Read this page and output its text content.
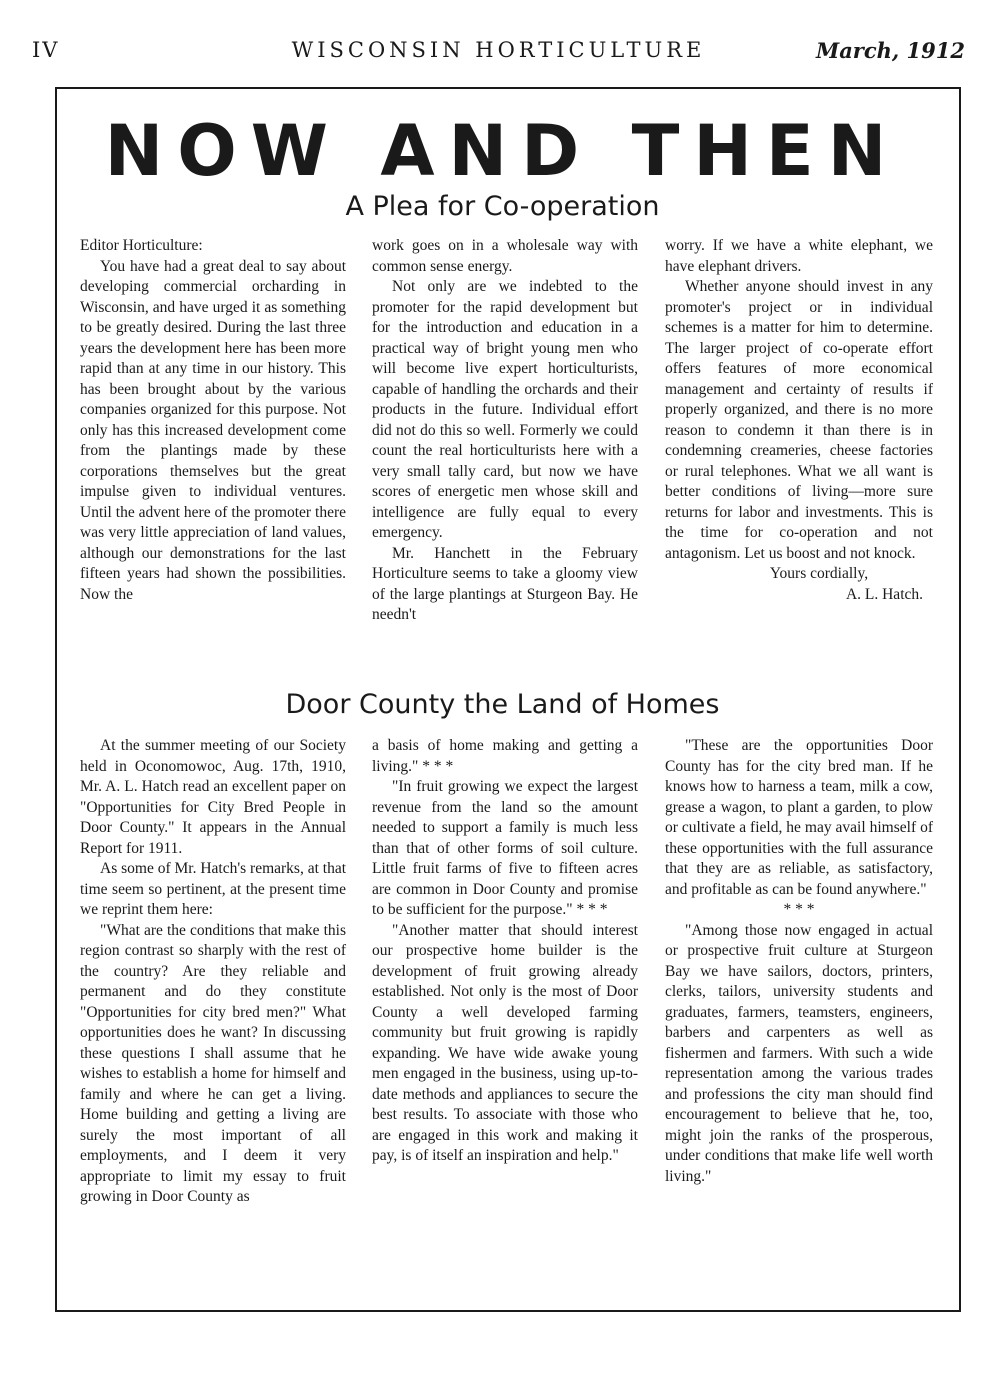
IV	WISCONSIN HORTICULTURE	March, 1912
NOW AND THEN
A Plea for Co-operation

Editor Horticulture:

You have had a great deal to say about developing commercial orcharding in Wisconsin, and have urged it as something to be greatly desired. During the last three years the development here has been more rapid than at any time in our history. This has been brought about by the various companies organized for this purpose. Not only has this increased development come from the plantings made by these corporations themselves but the great impulse given to individual ventures. Until the advent here of the promoter there was very little appreciation of land values, although our demonstrations for the last fifteen years had shown the possibilities. Now the

work goes on in a wholesale way with common sense energy.

Not only are we indebted to the promoter for the rapid development but for the introduction and education in a practical way of bright young men who will become live expert horticulturists, capable of handling the orchards and their products in the future. Individual effort did not do this so well. Formerly we could count the real horticulturists here with a very small tally card, but now we have scores of energetic men whose skill and intelligence are fully equal to every emergency.

Mr. Hanchett in the February Horticulture seems to take a gloomy view of the large plantings at Sturgeon Bay. He needn't

worry. If we have a white elephant, we have elephant drivers.

Whether anyone should invest in any promoter's project or in individual schemes is a matter for him to determine. The larger project of co-operate effort offers features of more economical management and certainty of results if properly organized, and there is no more reason to condemn it than there is in condemning creameries, cheese factories or rural telephones. What we all want is better conditions of living—more sure returns for labor and investments. This is the time for co-operation and not antagonism. Let us boost and not knock.

Yours cordially,

A. L. Hatch.

Door County the Land of Homes

At the summer meeting of our Society held in Oconomowoc, Aug. 17th, 1910, Mr. A. L. Hatch read an excellent paper on "Opportunities for City Bred People in Door County." It appears in the Annual Report for 1911.

As some of Mr. Hatch's remarks, at that time seem so pertinent, at the present time we reprint them here:

"What are the conditions that make this region contrast so sharply with the rest of the country? Are they reliable and permanent and do they constitute "Opportunities for city bred men?" What opportunities does he want? In discussing these questions I shall assume that he wishes to establish a home for himself and family and where he can get a living. Home building and getting a living are surely the most important of all employments, and I deem it very appropriate to limit my essay to fruit growing in Door County as

a basis of home making and getting a living." * * *

"In fruit growing we expect the largest revenue from the land so the amount needed to support a family is much less than that of other forms of soil culture. Little fruit farms of five to fifteen acres are common in Door County and promise to be sufficient for the purpose." * * *

"Another matter that should interest our prospective home builder is the development of fruit growing already established. Not only is the most of Door County a well developed farming community but fruit growing is rapidly expanding. We have wide awake young men engaged in the business, using up-to-date methods and appliances to secure the best results. To associate with those who are engaged in this work and making it pay, is of itself an inspiration and help."

"These are the opportunities Door County has for the city bred man. If he knows how to harness a team, milk a cow, grease a wagon, to plant a garden, to plow or cultivate a field, he may avail himself of these opportunities with the full assurance that they are as reliable, as satisfactory, and profitable as can be found anywhere."

* * *

"Among those now engaged in actual or prospective fruit culture at Sturgeon Bay we have sailors, doctors, printers, clerks, tailors, university students and graduates, farmers, teamsters, engineers, barbers and carpenters as well as fishermen and farmers. With such a wide representation among the various trades and professions the city man should find encouragement to believe that he, too, might join the ranks of the prosperous, under conditions that make life well worth living."
